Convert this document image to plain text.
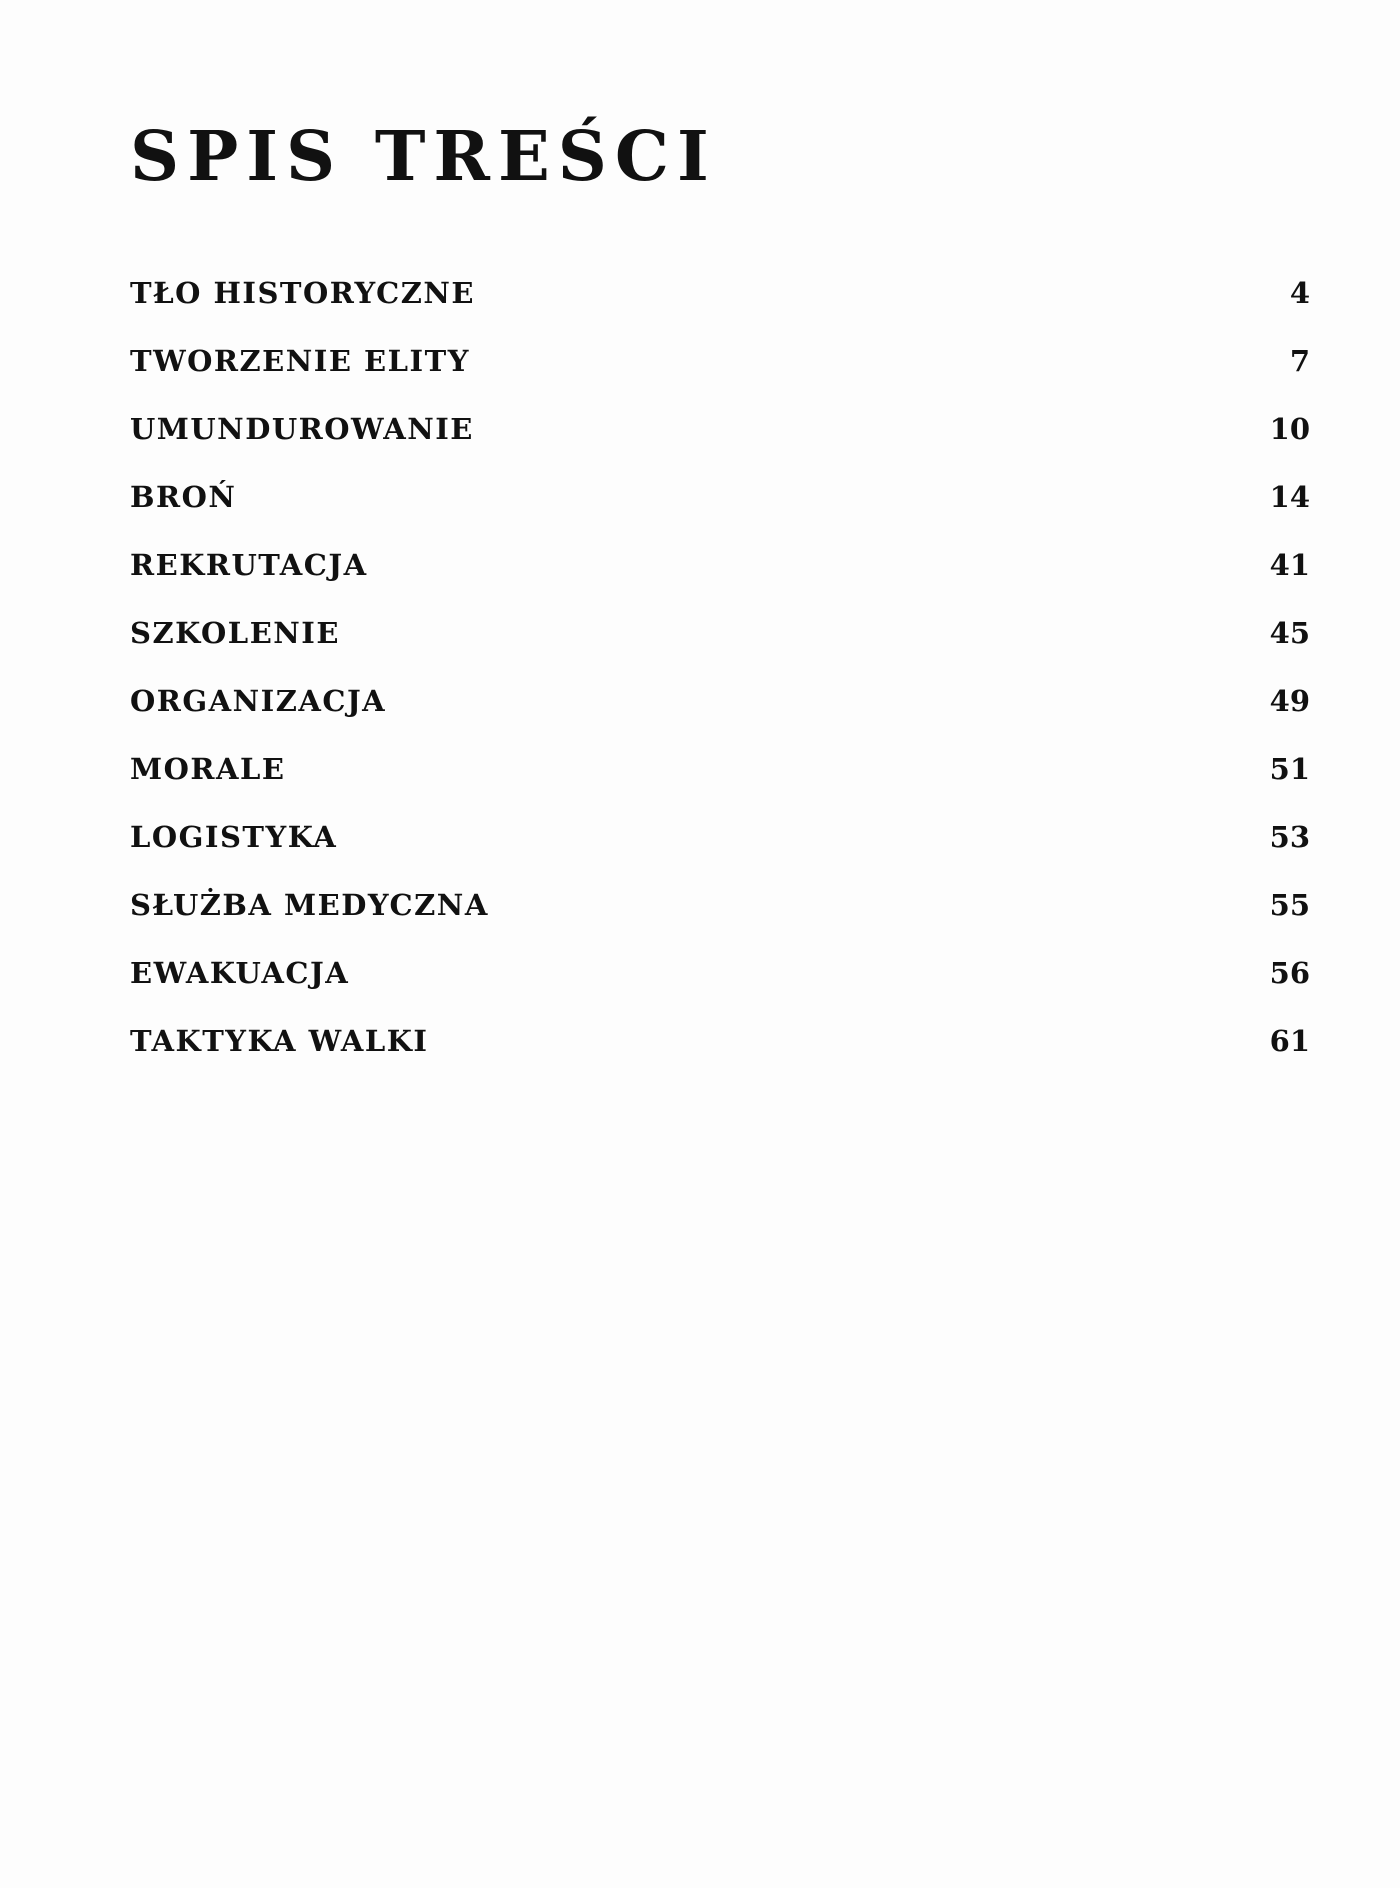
SPIS TREŚCI
TŁO HISTORYCZNE	4
TWORZENIE ELITY	7
UMUNDUROWANIE	10
BROŃ	14
REKRUTACJA	41
SZKOLENIE	45
ORGANIZACJA	49
MORALE	51
LOGISTYKA	53
SŁUŻBA MEDYCZNA	55
EWAKUACJA	56
TAKTYKA WALKI	61
